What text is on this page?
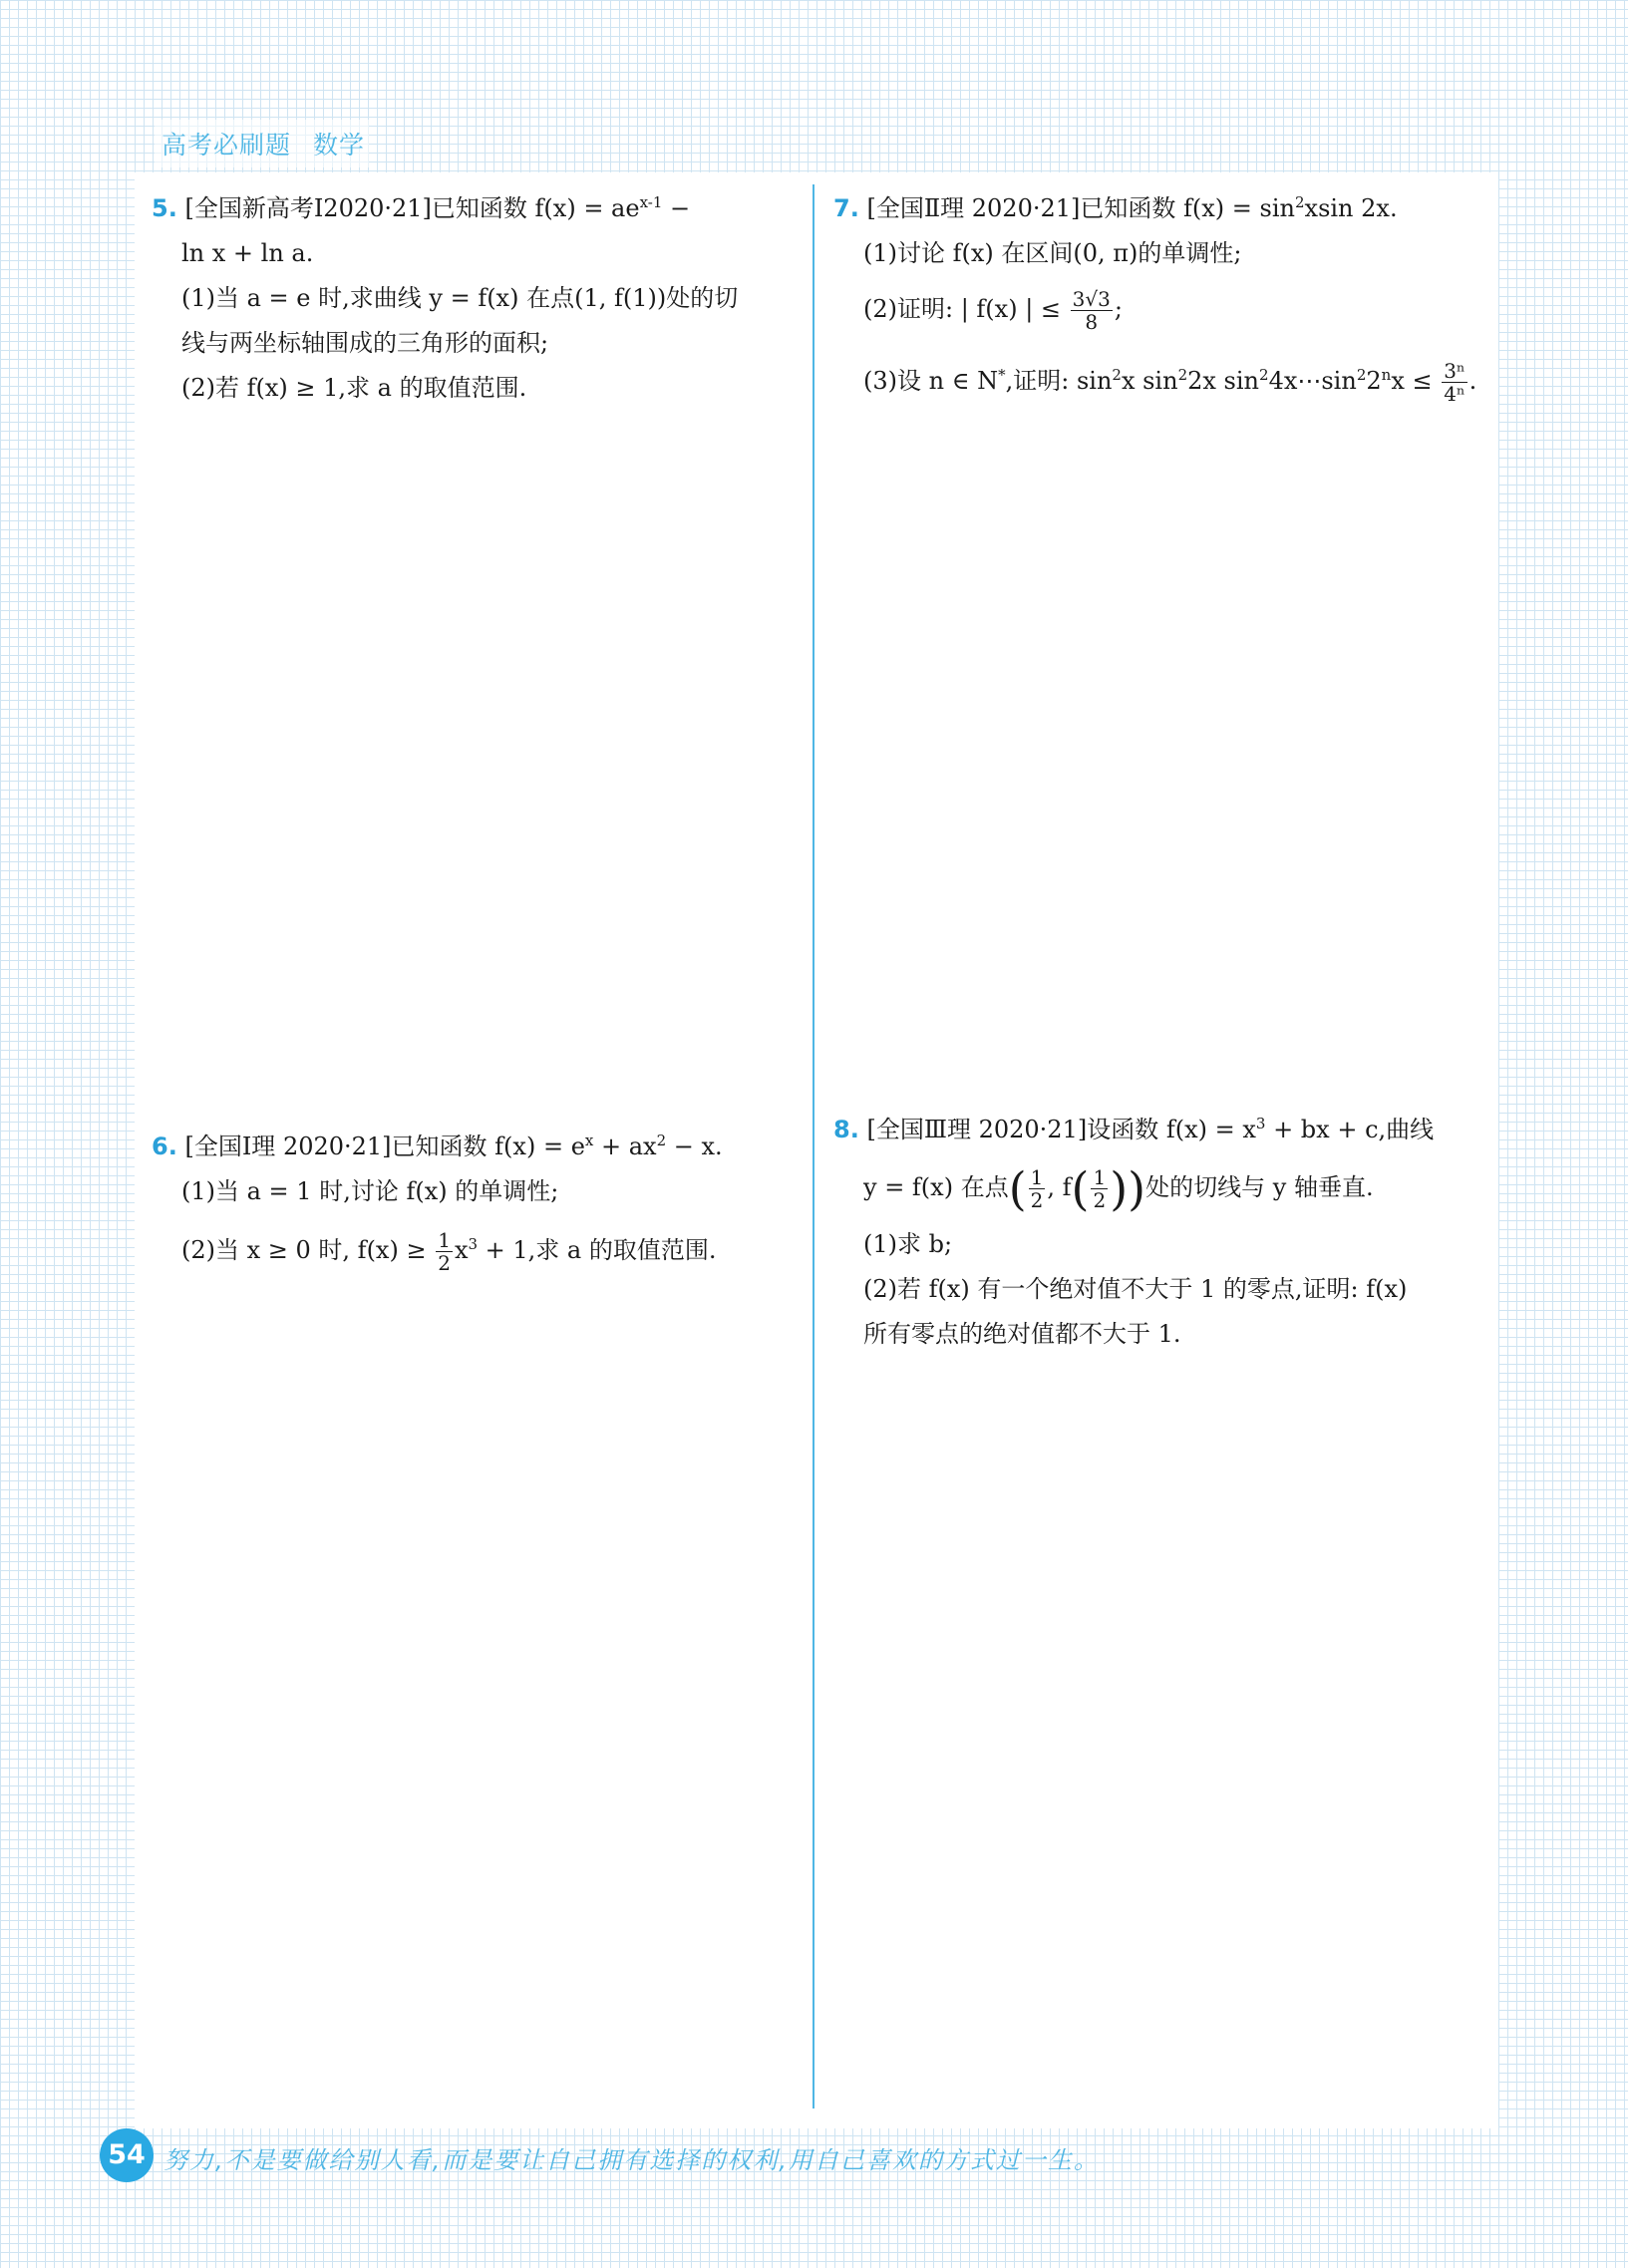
高考必刷题 数学
5. [全国新高考Ⅰ2020·21]已知函数 $f(x) = ae^{x-1}$ −
ln x + ln a.
(1)当 a = e 时,求曲线 y = f(x) 在点(1, f(1))处的切
线与两坐标轴围成的三角形的面积;
(2)若 f(x) ≥ 1,求 a 的取值范围.
6. [全国Ⅰ理 2020·21]已知函数 $f(x) = e^x + ax^2 - x$.
(1)当 a = 1 时,讨论 f(x) 的单调性;
(2)当 x ≥ 0 时, $f(x) \ge \frac{1}{2} x^3 + 1$,求 a 的取值范围.
7. [全国Ⅱ理 2020·21]已知函数 $f(x) = \sin^2xsin$ 2x.
(1)讨论 f(x) 在区间(0, π)的单调性;
(2)证明: | f(x) | ≤ $\frac{3√3}{8}$ ;
(3)设 n ∈ N*,证明: $\sin^2x$ $\sin^22x$ $\sin^24x\cdots\sin^22^nx \le \frac{\text{3ⁿ}}{\text{4ⁿ}}$ .
8. [全国Ⅲ理 2020·21]设函数 $f(x) = x^3$ + bx + c,曲线
y = f(x) 在点( $\frac{1}{2}$ , $f( \frac{1}{2}$ ))处的切线与 y 轴垂直.
(1)求 b;
(2)若 f(x) 有一个绝对值不大于 1 的零点,证明: f(x)
所有零点的绝对值都不大于 1.
54 努力,不是要做给别人看,而是要让自己拥有选择的权利,用自己喜欢的方式过一生。
